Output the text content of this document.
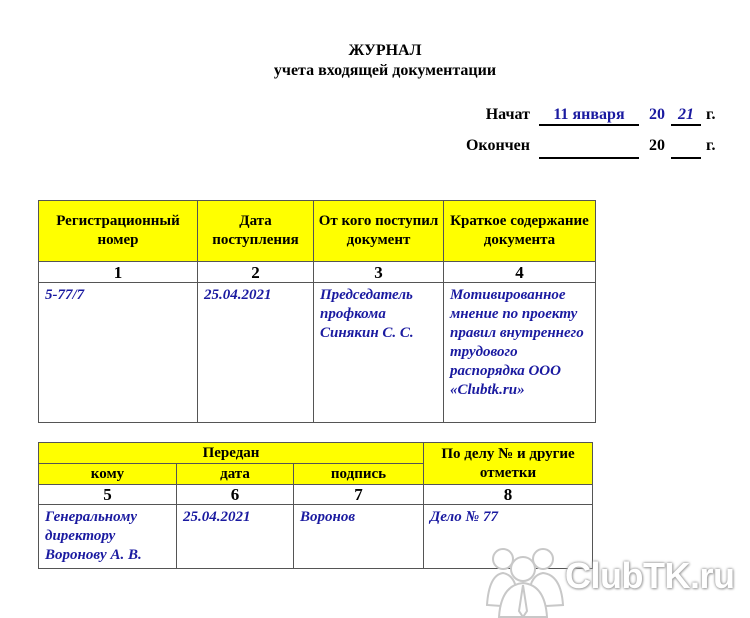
ЖУРНАЛ
учета входящей документации
Начат	11 января	20 21 г.
Окончен	20	г.
Регистрационный номер	Дата поступления	От кого поступил документ	Краткое содержание документа
1	2	3	4
5-77/7	25.04.2021	Председатель профкома Синякин С. С.	Мотивированное мнение по проекту правил внутреннего трудового распорядка ООО «Clubtk.ru»
Передан			По делу № и другие отметки
кому	дата	подпись	
5	6	7	8
Генеральному директору Воронову А. В.	25.04.2021	Воронов	Дело № 77
ClubTK.ru
